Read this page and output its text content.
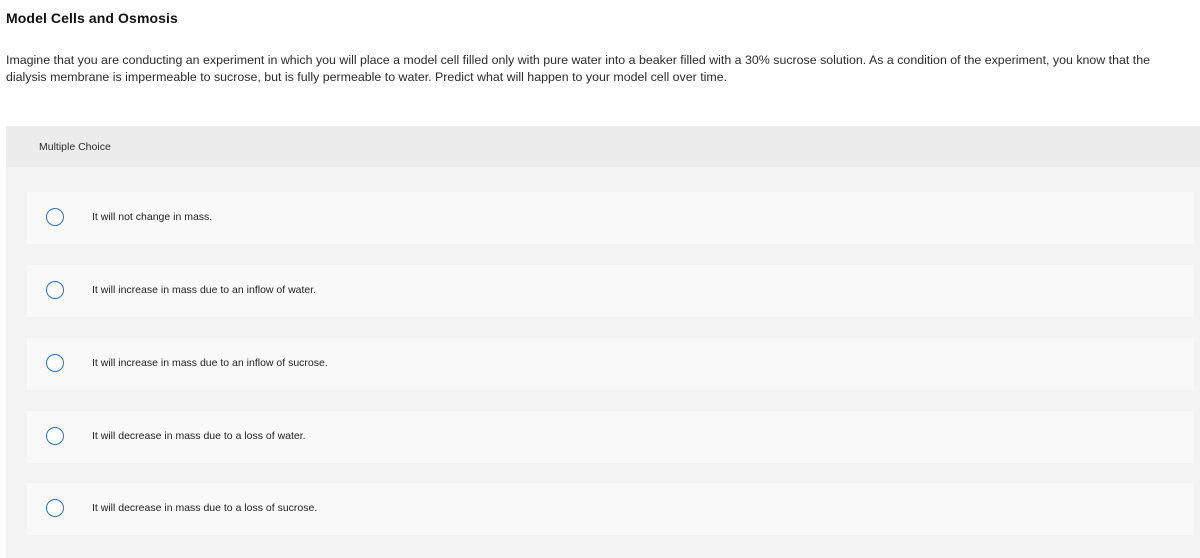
Model Cells and Osmosis
Imagine that you are conducting an experiment in which you will place a model cell filled only with pure water into a beaker filled with a 30% sucrose solution. As a condition of the experiment, you know that the dialysis membrane is impermeable to sucrose, but is fully permeable to water. Predict what will happen to your model cell over time.
Multiple Choice
It will not change in mass.
It will increase in mass due to an inflow of water.
It will increase in mass due to an inflow of sucrose.
It will decrease in mass due to a loss of water.
It will decrease in mass due to a loss of sucrose.
